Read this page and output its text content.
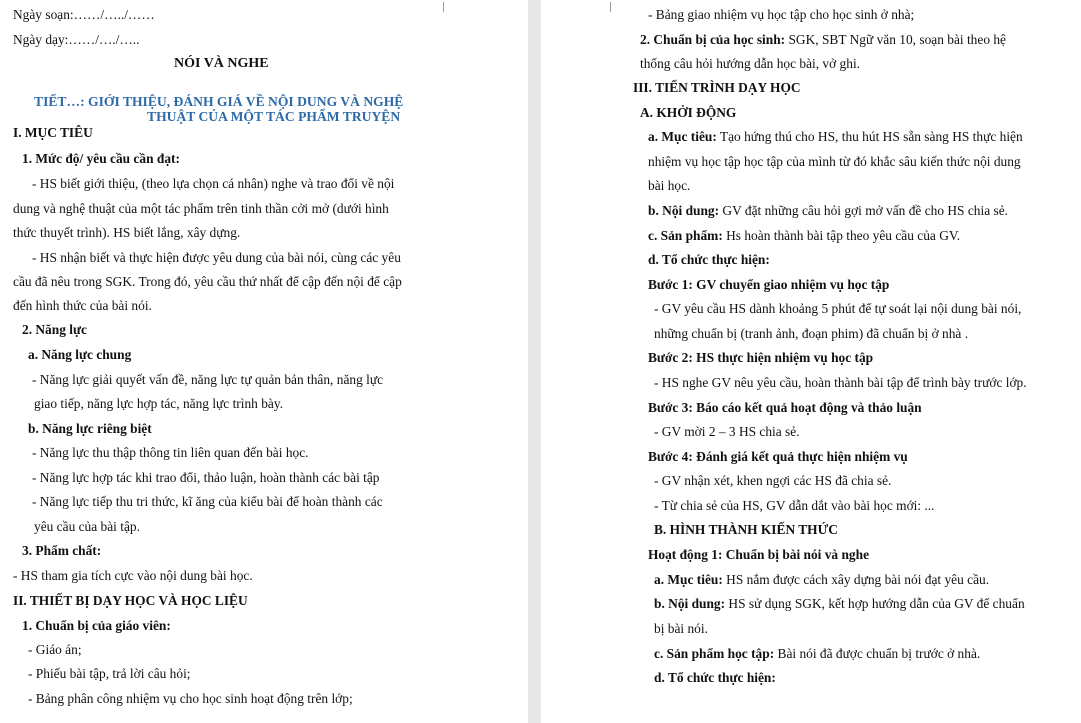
Ngày soạn:……/…../……
Ngày dạy:……/…./…..
NÓI VÀ NGHE
TIẾT…: GIỚI THIỆU, ĐÁNH GIÁ VỀ NỘI DUNG VÀ NGHỆ
THUẬT CỦA MỘT TÁC PHẨM TRUYỆN
I. MỤC TIÊU
1. Mức độ/ yêu cầu cần đạt:
- HS biết giới thiệu, (theo lựa chọn cá nhân) nghe và trao đổi về nội
dung và nghệ thuật của một tác phẩm trên tinh thần cởi mở (dưới hình
thức thuyết trình). HS biết lắng, xây dựng.
- HS nhận biết và thực hiện được yêu dung của bài nói, cùng các yêu
cầu đã nêu trong SGK. Trong đó, yêu cầu thứ nhất để cập đến nội để cập
đến hình thức của bài nói.
2. Năng lực
a. Năng lực chung
- Năng lực giải quyết vấn đề, năng lực tự quản bản thân, năng lực
giao tiếp, năng lực hợp tác, năng lực trình bày.
b. Năng lực riêng biệt
- Năng lực thu thập thông tin liên quan đến bài học.
- Năng lực hợp tác khi trao đổi, thảo luận, hoàn thành các bài tập
- Năng lực tiếp thu tri thức, kĩ ăng của kiểu bài để hoàn thành các
yêu cầu của bài tập.
3. Phẩm chất:
- HS tham gia tích cực vào nội dung bài học.
II. THIẾT BỊ DẠY HỌC VÀ HỌC LIỆU
1. Chuẩn bị của giáo viên:
- Giáo án;
- Phiếu bài tập, trả lời câu hỏi;
- Bảng phân công nhiệm vụ cho học sinh hoạt động trên lớp;
- Bảng giao nhiệm vụ học tập cho học sinh ở nhà;
2. Chuẩn bị của học sinh: SGK, SBT Ngữ văn 10, soạn bài theo hệ
thống câu hỏi hướng dẫn học bài, vở ghi.
III. TIẾN TRÌNH DẠY HỌC
A. KHỞI ĐỘNG
a. Mục tiêu: Tạo hứng thú cho HS, thu hút HS sẵn sàng HS thực hiện
nhiệm vụ học tập học tập của mình từ đó khắc sâu kiến thức nội dung
bài học.
b. Nội dung: GV đặt những câu hỏi gợi mở vấn đề cho HS chia sẻ.
c. Sản phẩm: Hs hoàn thành bài tập theo yêu cầu của GV.
d. Tổ chức thực hiện:
Bước 1: GV chuyển giao nhiệm vụ học tập
- GV yêu cầu HS dành khoảng 5 phút để tự soát lại nội dung bài nói,
những chuẩn bị (tranh ảnh, đoạn phim) đã chuẩn bị ở nhà .
Bước 2: HS thực hiện nhiệm vụ học tập
- HS nghe GV nêu yêu cầu, hoàn thành bài tập để trình bày trước lớp.
Bước 3: Báo cáo kết quả hoạt động và thảo luận
- GV mời 2 – 3 HS chia sẻ.
Bước 4: Đánh giá kết quả thực hiện nhiệm vụ
- GV nhận xét, khen ngợi các HS đã chia sẻ.
- Từ chia sẻ của HS, GV dẫn dắt vào bài học mới: ...
B. HÌNH THÀNH KIẾN THỨC
Hoạt động 1: Chuẩn bị bài nói và nghe
a. Mục tiêu: HS nắm được cách xây dựng bài nói đạt yêu cầu.
b. Nội dung: HS sử dụng SGK, kết hợp hướng dẫn của GV để chuẩn
bị bài nói.
c. Sản phẩm học tập: Bài nói đã được chuẩn bị trước ở nhà.
d. Tổ chức thực hiện:
